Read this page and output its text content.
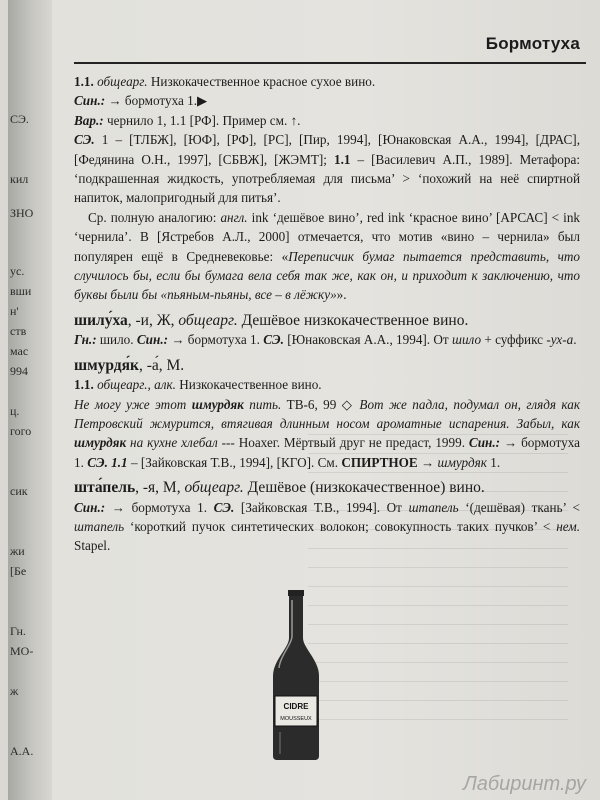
СЭ.
кил
ЗНО
ус.
вши
н'
ств
мас
994
ц.
гого
сик
жи
[Бе
Гн.
МО-
ж
А.А.
Бормотуха

1.1. общеарг. Низкокачественное красное сухое вино.

Син.: → бормотуха 1.▶

Вар.: чернило 1, 1.1 [РФ]. Пример см. ↑.

СЭ. 1 – [ТЛБЖ], [ЮФ], [РФ], [РС], [Пир, 1994], [Юнаковская А.А., 1994], [ДРАС], [Федянина О.Н., 1997], [СБВЖ], [ЖЭМТ]; 1.1 – [Василевич А.П., 1989]. Метафора: ‘подкрашенная жидкость, употребляемая для письма’ > ‘похожий на неё спиртной напиток, малопригодный для питья’.

Ср. полную аналогию: англ. ink ‘дешёвое вино’, red ink ‘красное вино’ [АРСАС] < ink ‘чернила’. В [Ястребов А.Л., 2000] отмечается, что мотив «вино – чернила» был популярен ещё в Средневековье: «Переписчик бумаг пытается представить, что случилось бы, если бы бумага вела себя так же, как он, и приходит к заключению, что буквы были бы «пьяным-пьяны, все – в лёжку»».

шилу́ха, -и, Ж, общеарг. Дешёвое низкокачественное вино.

Гн.: шило. Син.: → бормотуха 1. СЭ. [Юнаковская А.А., 1994]. От шило + суффикс -ух-а.

шмурдя́к, -а́, М.

1.1. общеарг., алк. Низкокачественное вино.

Не могу уже этот шмурдяк пить. ТВ-6, 99 ◇ Вот же падла, подумал он, глядя как Петровский жмурится, втягивая длинным носом ароматные испарения. Забыл, как шмурдяк на кухне хлебал --- Ноахег. Мёртвый друг не предаст, 1999. Син.: → бормотуха 1. СЭ. 1.1 – [Зайковская Т.В., 1994], [КГО]. См. СПИРТНОЕ → шмурдяк 1.

шта́пель, -я, М, общеарг. Дешёвое (низкокачественное) вино.

Син.: → бормотуха 1. СЭ. [Зайковская Т.В., 1994]. От штапель ‘(дешёвая) ткань’ < штапель ‘короткий пучок синтетических волокон; совокупность таких пучков’ < нем. Stapel.

CIDRE
MOUSSEUX
Лабиринт.ру
